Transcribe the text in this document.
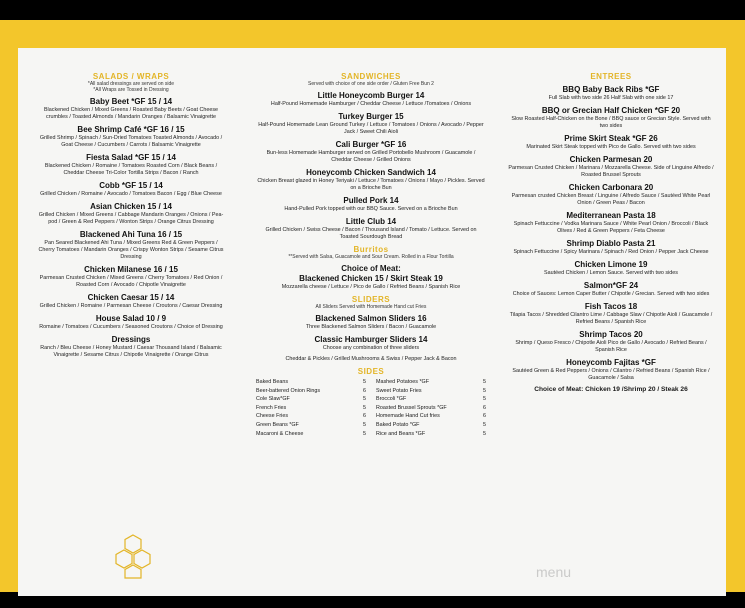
SALADS / WRAPS
*All salad dressings are served on side
*All Wraps are Tossed in Dressing
Baby Beet *GF 15 / 14

Blackened Chicken / Mixed Greens / Roasted Baby Beets / Goat Cheese crumbles / Toasted Almonds / Mandarin Oranges / Balsamic Vinaigrette

Bee Shrimp Café *GF 16 / 15

Grilled Shrimp / Spinach / Sun-Dried Tomatoes Toasted Almonds / Avocado / Goat Cheese / Cucumbers / Carrots / Balsamic Vinaigrette

Fiesta Salad *GF 15 / 14

Blackened Chicken / Romaine / Tomatoes Roasted Corn / Black Beans / Cheddar Cheese Tri-Color Tortilla Strips / Bacon / Ranch

Cobb *GF 15 / 14

Grilled Chicken / Romaine / Avocado / Tomatoes Bacon / Egg / Blue Cheese

Asian Chicken 15 / 14

Grilled Chicken / Mixed Greens / Cabbage Mandarin Oranges / Onions / Pea-pod / Green & Red Peppers / Wonton Strips / Orange Citrus Dressing

Blackened Ahi Tuna 16 / 15

Pan Seared Blackened Ahi Tuna / Mixed Greens Red & Green Peppers / Cherry Tomatoes / Mandarin Oranges / Crispy Wonton Strips / Sesame Citrus Dressing

Chicken Milanese 16 / 15

Parmesan Crusted Chicken / Mixed Greens / Cherry Tomatoes / Red Onion / Roasted Corn / Avocado / Chipotle Vinaigrette

Chicken Caesar 15 / 14

Grilled Chicken / Romaine / Parmesan Cheese / Croutons / Caesar Dressing

House Salad 10 / 9

Romaine / Tomatoes / Cucumbers / Seasoned Croutons / Choice of Dressing

Dressings

Ranch / Bleu Cheese / Honey Mustard / Caesar Thousand Island / Balsamic Vinaigrette / Sesame Citrus / Chipotle Vinaigrette / Orange Citrus

SANDWICHES
Served with choice of one side order / Gluten Free Bun 2
Little Honeycomb Burger 14

Half-Pound Homemade Hamburger / Cheddar Cheese / Lettuce /Tomatoes / Onions

Turkey Burger 15

Half-Pound Homemade Lean Ground Turkey / Lettuce / Tomatoes / Onions / Avocado / Pepper Jack / Sweet Chili Aioli

Cali Burger *GF 16

Bun-less Homemade Hamburger served on Grilled Portobello Mushroom / Guacamole / Cheddar Cheese / Grilled Onions

Honeycomb Chicken Sandwich 14

Chicken Breast glazed in Honey Teriyaki / Lettuce / Tomatoes / Onions / Mayo / Pickles. Served on a Brioche Bun

Pulled Pork 14

Hand-Pulled Pork topped with our BBQ Sauce. Served on a Brioche Bun

Little Club 14

Grilled Chicken / Swiss Cheese / Bacon / Thousand Island / Tomato / Lettuce. Served on Toasted Sourdough Bread

Burritos
**Served with Salsa, Guacamole and Sour Cream. Rolled in a Flour Tortilla
Choice of Meat:
Blackened Chicken 15 / Skirt Steak 19

Mozzarella cheese / Lettuce / Pico de Gallo / Refried Beans / Spanish Rice

SLIDERS
All Sliders Served with Homemade Hand cut Fries
Blackened Salmon Sliders 16

Three Blackened Salmon Sliders / Bacon / Guacamole

Classic Hamburger Sliders 14

Choose any combination of three sliders

Cheddar & Pickles / Grilled Mushrooms & Swiss / Pepper Jack & Bacon

SIDES
Baked Beans	5
Beer-battered Onion Rings	6
Cole Slaw*GF	5
French Fries	5
Cheese Fries	6
Green Beans *GF	5
Macaroni & Cheese	5
Mashed Potatoes *GF	5
Sweet Potato Fries	5
Broccoli *GF	5
Roasted Brussel Sprouts *GF	6
Homemade Hand Cut fries	6
Baked Potato *GF	5
Rice and Beans *GF	5
ENTREES
BBQ Baby Back Ribs *GF

Full Slab with two side 26 Half Slab with one side 17

BBQ or Grecian Half Chicken *GF 20

Slow Roasted Half-Chicken on the Bone / BBQ sauce or Grecian Style. Served with two sides

Prime Skirt Steak *GF 26

Marinated Skirt Steak topped with Pico de Gallo. Served with two sides

Chicken Parmesan 20

Parmesan Crusted Chicken / Marinara / Mozzarella Cheese. Side of Linguine Alfredo / Roasted Brussel Sprouts

Chicken Carbonara 20

Parmesan crusted Chicken Breast / Linguine / Alfredo Sauce / Sautéed White Pearl Onion / Green Peas / Bacon

Mediterranean Pasta 18

Spinach Fettuccine / Vodka Marinara Sauce / White Pearl Onion / Broccoli / Black Olives / Red & Green Peppers / Feta Cheese

Shrimp Diablo Pasta 21

Spinach Fettuccine / Spicy Marinara / Spinach / Red Onion / Pepper Jack Cheese

Chicken Limone 19

Sautéed Chicken / Lemon Sauce. Served with two sides

Salmon*GF 24

Choice of Sauces: Lemon Caper Butter / Chipotle / Grecian. Served with two sides

Fish Tacos 18

Tilapia Tacos / Shredded Cilantro Lime / Cabbage Slaw / Chipotle Aioli / Guacamole / Refried Beans / Spanish Rice

Shrimp Tacos 20

Shrimp / Queso Fresco / Chipotle Aioli Pico de Gallo / Avocado / Refried Beans / Spanish Rice

Honeycomb Fajitas *GF

Sautéed Green & Red Peppers / Onions / Cilantro / Refried Beans / Spanish Rice / Guacamole / Salsa

Choice of Meat: Chicken 19 /Shrimp 20 / Steak 26
menu
